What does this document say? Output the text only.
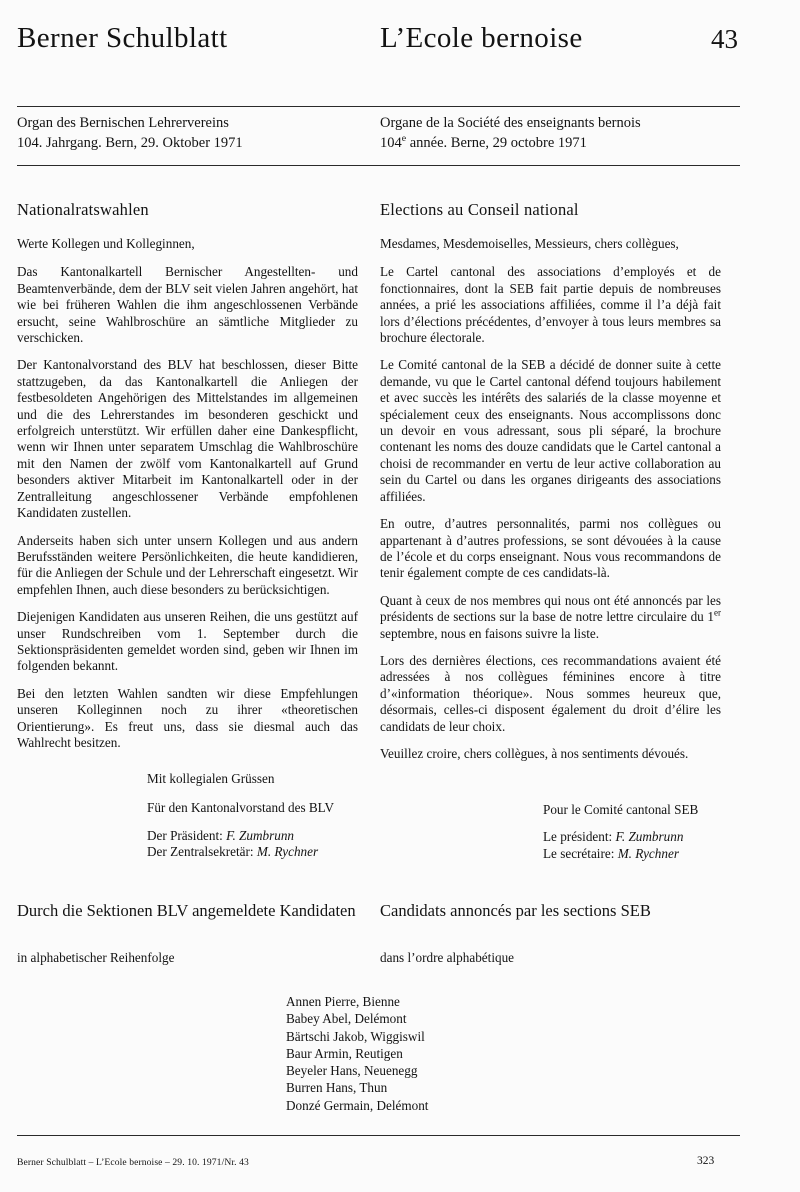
Berner Schulblatt	L’Ecole bernoise	43
Organ des Bernischen Lehrervereins
104. Jahrgang. Bern, 29. Oktober 1971
Organe de la Société des enseignants bernois
104e année. Berne, 29 octobre 1971
Nationalratswahlen

Werte Kollegen und Kolleginnen,

Das Kantonalkartell Bernischer Angestellten- und Beamtenverbände, dem der BLV seit vielen Jahren angehört, hat wie bei früheren Wahlen die ihm angeschlossenen Verbände ersucht, seine Wahlbroschüre an sämtliche Mitglieder zu verschicken.

Der Kantonalvorstand des BLV hat beschlossen, dieser Bitte stattzugeben, da das Kantonalkartell die Anliegen der festbesoldeten Angehörigen des Mittelstandes im allgemeinen und die des Lehrerstandes im besonderen geschickt und erfolgreich unterstützt. Wir erfüllen daher eine Dankespflicht, wenn wir Ihnen unter separatem Umschlag die Wahlbroschüre mit den Namen der zwölf vom Kantonalkartell auf Grund besonders aktiver Mitarbeit im Kantonalkartell oder in der Zentralleitung angeschlossener Verbände empfohlenen Kandidaten zustellen.

Anderseits haben sich unter unsern Kollegen und aus andern Berufsständen weitere Persönlichkeiten, die heute kandidieren, für die Anliegen der Schule und der Lehrerschaft eingesetzt. Wir empfehlen Ihnen, auch diese besonders zu berücksichtigen.

Diejenigen Kandidaten aus unseren Reihen, die uns gestützt auf unser Rundschreiben vom 1. September durch die Sektionspräsidenten gemeldet worden sind, geben wir Ihnen im folgenden bekannt.

Bei den letzten Wahlen sandten wir diese Empfehlungen unseren Kolleginnen noch zu ihrer «theoretischen Orientierung». Es freut uns, dass sie diesmal auch das Wahlrecht besitzen.

Elections au Conseil national

Mesdames, Mesdemoiselles, Messieurs, chers collègues,

Le Cartel cantonal des associations d’employés et de fonctionnaires, dont la SEB fait partie depuis de nombreuses années, a prié les associations affiliées, comme il l’a déjà fait lors d’élections précédentes, d’envoyer à tous leurs membres sa brochure électorale.

Le Comité cantonal de la SEB a décidé de donner suite à cette demande, vu que le Cartel cantonal défend toujours habilement et avec succès les intérêts des salariés de la classe moyenne et spécialement ceux des enseignants. Nous accomplissons donc un devoir en vous adressant, sous pli séparé, la brochure contenant les noms des douze candidats que le Cartel cantonal a choisi de recommander en vertu de leur active collaboration au sein du Cartel ou dans les organes dirigeants des associations affiliées.

En outre, d’autres personnalités, parmi nos collègues ou appartenant à d’autres professions, se sont dévouées à la cause de l’école et du corps enseignant. Nous vous recommandons de tenir également compte de ces candidats-là.

Quant à ceux de nos membres qui nous ont été annoncés par les présidents de sections sur la base de notre lettre circulaire du 1er septembre, nous en faisons suivre la liste.

Lors des dernières élections, ces recommandations avaient été adressées à nos collègues féminines encore à titre d’«information théorique». Nous sommes heureux que, désormais, celles-ci disposent également du droit d’élire les candidats de leur choix.

Veuillez croire, chers collègues, à nos sentiments dévoués.

Mit kollegialen Grüssen
Für den Kantonalvorstand des BLV
Der Präsident: F. Zumbrunn
Der Zentralsekretär: M. Rychner
Pour le Comité cantonal SEB
Le président: F. Zumbrunn
Le secrétaire: M. Rychner
Durch die Sektionen BLV angemeldete Kandidaten	Candidats annoncés par les sections SEB
in alphabetischer Reihenfolge	dans l’ordre alphabétique
Annen Pierre, Bienne
Babey Abel, Delémont
Bärtschi Jakob, Wiggiswil
Baur Armin, Reutigen
Beyeler Hans, Neuenegg
Burren Hans, Thun
Donzé Germain, Delémont
Berner Schulblatt – L’Ecole bernoise – 29. 10. 1971/Nr. 43	323
